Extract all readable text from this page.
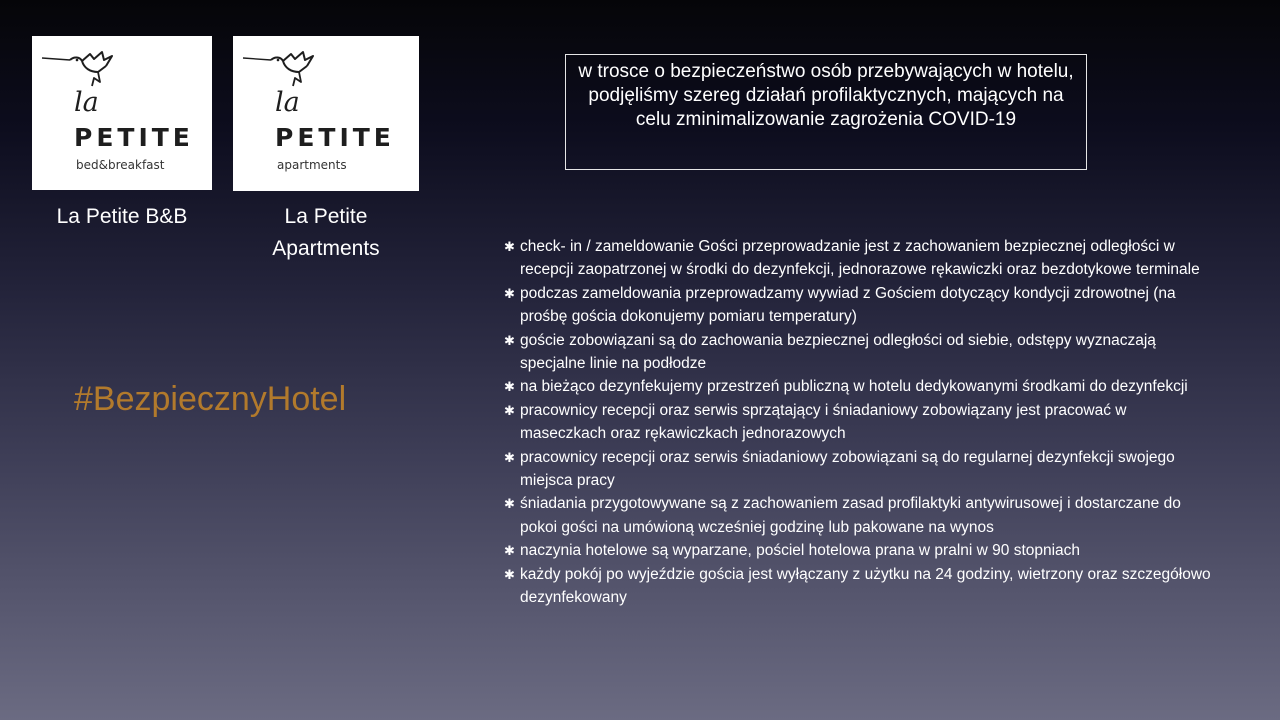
la
PETITE
bed&breakfast
la
PETITE
apartments
La Petite B&B	La Petite
Apartments
#BezpiecznyHotel
w trosce o bezpieczeństwo osób przebywających w hotelu, podjęliśmy szereg działań profilaktycznych, mających na celu zminimalizowanie zagrożenia COVID-19
✱ check- in / zameldowanie Gości przeprowadzanie jest z zachowaniem bezpiecznej odległości w recepcji zaopatrzonej w środki do dezynfekcji, jednorazowe rękawiczki oraz bezdotykowe terminale
✱ podczas zameldowania przeprowadzamy wywiad z Gościem dotyczący kondycji zdrowotnej (na prośbę gościa dokonujemy pomiaru temperatury)
✱ goście zobowiązani są do zachowania bezpiecznej odległości od siebie, odstępy wyznaczają specjalne linie na podłodze
✱ na bieżąco dezynfekujemy przestrzeń publiczną w hotelu dedykowanymi środkami do dezynfekcji
✱ pracownicy recepcji oraz serwis sprzątający i śniadaniowy zobowiązany jest pracować w maseczkach oraz rękawiczkach jednorazowych
✱ pracownicy recepcji oraz serwis śniadaniowy zobowiązani są do regularnej dezynfekcji swojego miejsca pracy
✱ śniadania przygotowywane są z zachowaniem zasad profilaktyki antywirusowej i dostarczane do pokoi gości na umówioną wcześniej godzinę lub pakowane na wynos
✱ naczynia hotelowe są wyparzane, pościel hotelowa prana w pralni w 90 stopniach
✱ każdy pokój po wyjeździe gościa jest wyłączany z użytku na 24 godziny, wietrzony oraz szczegółowo dezynfekowany
